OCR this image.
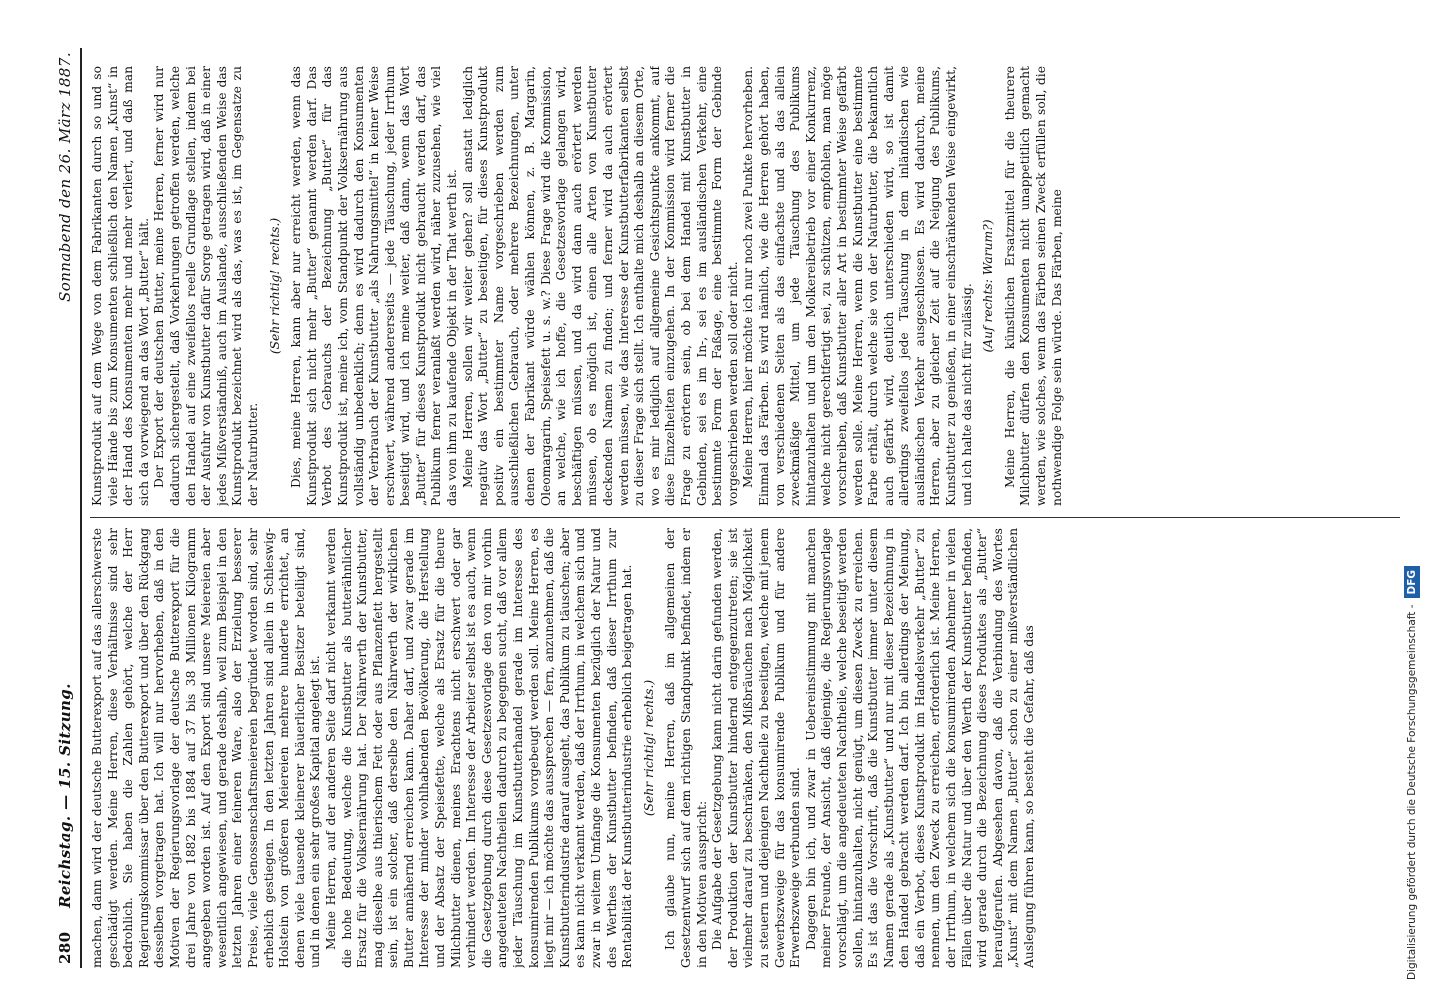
280
Reichstag. — 15. Sitzung.
Sonnabend den 26. März 1887.

machen, dann wird der deutsche Butterexport auf das allerschwerste geschädigt werden. Meine Herren, diese Verhältnisse sind sehr bedrohlich. Sie haben die Zahlen gehört, welche der Herr Regierungskommissar über den Butterexport und über den Rückgang desselben vorgetragen hat. Ich will nur hervorheben, daß in den Motiven der Regierungsvorlage der deutsche Butterexport für die drei Jahre von 1882 bis 1884 auf 37 bis 38 Millionen Kilogramm angegeben worden ist. Auf den Export sind unsere Meiereien aber wesentlich angewiesen, und gerade deshalb, weil zum Beispiel in den letzten Jahren einer feineren Ware, also der Erzielung besserer Preise, viele Genossenschaftsmeiereien begründet worden sind, sehr erheblich gestiegen. In den letzten Jahren sind allein in Schleswig-Holstein von größeren Meiereien mehrere hunderte errichtet, an denen viele tausende kleinerer bäuerlicher Besitzer beteiligt sind, und in denen ein sehr großes Kapital angelegt ist. Meine Herren, auf der anderen Seite darf nicht verkannt werden die hohe Bedeutung, welche die Kunstbutter als butterähnlicher Ersatz für die Volksernährung hat. Der Nährwerth der Kunstbutter, mag dieselbe aus thierischem Fett oder aus Pflanzenfett hergestellt sein, ist ein solcher, daß derselbe den Nährwerth der wirklichen Butter annähernd erreichen kann. Daher darf, und zwar gerade im Interesse der minder wohlhabenden Bevölkerung, die Herstellung und der Absatz der Speisefette, welche als Ersatz für die theure Milchbutter dienen, meines Erachtens nicht erschwert oder gar verhindert werden. Im Interesse der Arbeiter selbst ist es auch, wenn die Gesetzgebung durch diese Gesetzesvorlage den von mir vorhin angedeuteten Nachtheilen dadurch zu begegnen sucht, daß vor allem jeder Täuschung im Kunstbutterhandel gerade im Interesse des konsumirenden Publikums vorgebeugt werden soll. Meine Herren, es liegt mir — ich möchte das aussprechen — fern, anzunehmen, daß die Kunstbutterindustrie darauf ausgeht, das Publikum zu täuschen; aber es kann nicht verkannt werden, daß der Irrthum, in welchem sich und zwar in weitem Umfange die Konsumenten bezüglich der Natur und des Werthes der Kunstbutter befinden, daß dieser Irrthum zur Rentabilität der Kunstbutterindustrie erheblich beigetragen hat. (Sehr richtig! rechts.) Ich glaube nun, meine Herren, daß im allgemeinen der Gesetzentwurf sich auf dem richtigen Standpunkt befindet, indem er in den Motiven ausspricht: Die Aufgabe der Gesetzgebung kann nicht darin gefunden werden, der Produktion der Kunstbutter hindernd entgegenzutreten; sie ist vielmehr darauf zu beschränken, den Mißbräuchen nach Möglichkeit zu steuern und diejenigen Nachtheile zu beseitigen, welche mit jenem Gewerbszweige für das konsumirende Publikum und für andere Erwerbszweige verbunden sind. Dagegen bin ich, und zwar in Uebereinstimmung mit manchen meiner Freunde, der Ansicht, daß diejenige, die Regierungsvorlage vorschlägt, um die angedeuteten Nachtheile, welche beseitigt werden sollen, hintanzuhalten, nicht genügt, um diesen Zweck zu erreichen. Es ist das die Vorschrift, daß die Kunstbutter immer unter diesem Namen gerade als „Kunstbutter“ und nur mit dieser Bezeichnung in den Handel gebracht werden darf. Ich bin allerdings der Meinung, daß ein Verbot, dieses Kunstprodukt im Handelsverkehr „Butter“ zu nennen, um den Zweck zu erreichen, erforderlich ist. Meine Herren, der Irrthum, in welchem sich die konsumirenden Abnehmer in vielen Fällen über die Natur und über den Werth der Kunstbutter befinden, wird gerade durch die Bezeichnung dieses Produktes als „Butter“ heraufgerufen. Abgesehen davon, daß die Verbindung des Wortes „Kunst“ mit dem Namen „Butter“ schon zu einer mißverständlichen Auslegung führen kann, so besteht die Gefahr, daß das

Kunstprodukt auf dem Wege von dem Fabrikanten durch so und so viele Hände bis zum Konsumenten schließlich den Namen „Kunst“ in der Hand des Konsumenten mehr und mehr verliert, und daß man sich da vorwiegend an das Wort „Butter“ hält. Der Export der deutschen Butter, meine Herren, ferner wird nur dadurch sichergestellt, daß Vorkehrungen getroffen werden, welche den Handel auf eine zweifellos reelle Grundlage stellen, indem bei der Ausfuhr von Kunstbutter dafür Sorge getragen wird, daß in einer jedes Mißverständniß, auch im Auslande, ausschließenden Weise das Kunstprodukt bezeichnet wird als das, was es ist, im Gegensatze zu der Naturbutter.

(Sehr richtig! rechts.) Dies, meine Herren, kann aber nur erreicht werden, wenn das Kunstprodukt sich nicht mehr „Butter“ genannt werden darf. Das Verbot des Gebrauchs der Bezeichnung „Butter“ für das Kunstprodukt ist, meine ich, vom Standpunkt der Volksernährung aus vollständig unbedenklich; denn es wird dadurch den Konsumenten der Verbrauch der Kunstbutter „als Nahrungsmittel“ in keiner Weise erschwert, während andererseits — jede Täuschung, jeder Irrthum beseitigt wird, und ich meine weiter, daß dann, wenn das Wort „Butter“ für dieses Kunstprodukt nicht gebraucht werden darf, das Publikum ferner veranlaßt werden wird, näher zuzusehen, wie viel das von ihm zu kaufende Objekt in der That werth ist. Meine Herren, sollen wir weiter gehen? soll anstatt lediglich negativ das Wort „Butter“ zu beseitigen, für dieses Kunstprodukt positiv ein bestimmter Name vorgeschrieben werden zum ausschließlichen Gebrauch, oder mehrere Bezeichnungen, unter denen der Fabrikant würde wählen können, z. B. Margarin, Oleomargarin, Speisefett u. s. w.? Diese Frage wird die Kommission, an welche, wie ich hoffe, die Gesetzesvorlage gelangen wird, beschäftigen müssen, und da wird dann auch erörtert werden müssen, ob es möglich ist, einen alle Arten von Kunstbutter deckenden Namen zu finden; und ferner wird da auch erörtert werden müssen, wie das Interesse der Kunstbutterfabrikanten selbst zu dieser Frage sich stellt. Ich enthalte mich deshalb an diesem Orte, wo es mir lediglich auf allgemeine Gesichtspunkte ankommt, auf diese Einzelheiten einzugehen. In der Kommission wird ferner die Frage zu erörtern sein, ob bei dem Handel mit Kunstbutter in Gebinden, sei es im In-, sei es im ausländischen Verkehr, eine bestimmte Form der Faßage, eine bestimmte Form der Gebinde vorgeschrieben werden soll oder nicht. Meine Herren, hier möchte ich nur noch zwei Punkte hervorheben. Einmal das Färben. Es wird nämlich, wie die Herren gehört haben, von verschiedenen Seiten als das einfachste und als das allein zweckmäßige Mittel, um jede Täuschung des Publikums hintanzuhalten und um den Molkereibetrieb vor einer Konkurrenz, welche nicht gerechtfertigt sei, zu schützen, empfohlen, man möge vorschreiben, daß Kunstbutter aller Art in bestimmter Weise gefärbt werden solle. Meine Herren, wenn die Kunstbutter eine bestimmte Farbe erhält, durch welche sie von der Naturbutter, die bekanntlich auch gefärbt wird, deutlich unterschieden wird, so ist damit allerdings zweifellos jede Täuschung in dem inländischen wie ausländischen Verkehr ausgeschlossen. Es wird dadurch, meine Herren, aber zu gleicher Zeit auf die Neigung des Publikums, Kunstbutter zu genießen, in einer einschränkenden Weise eingewirkt, und ich halte das nicht für zulässig. (Auf rechts: Warum?) Meine Herren, die künstlichen Ersatzmittel für die theurere Milchbutter dürfen den Konsumenten nicht unappetitlich gemacht werden, wie solches, wenn das Färben seinen Zweck erfüllen soll, die nothwendige Folge sein würde. Das Färben, meine

Digitalisierung gefördert durch die Deutsche Forschungsgemeinschaft -DFG
